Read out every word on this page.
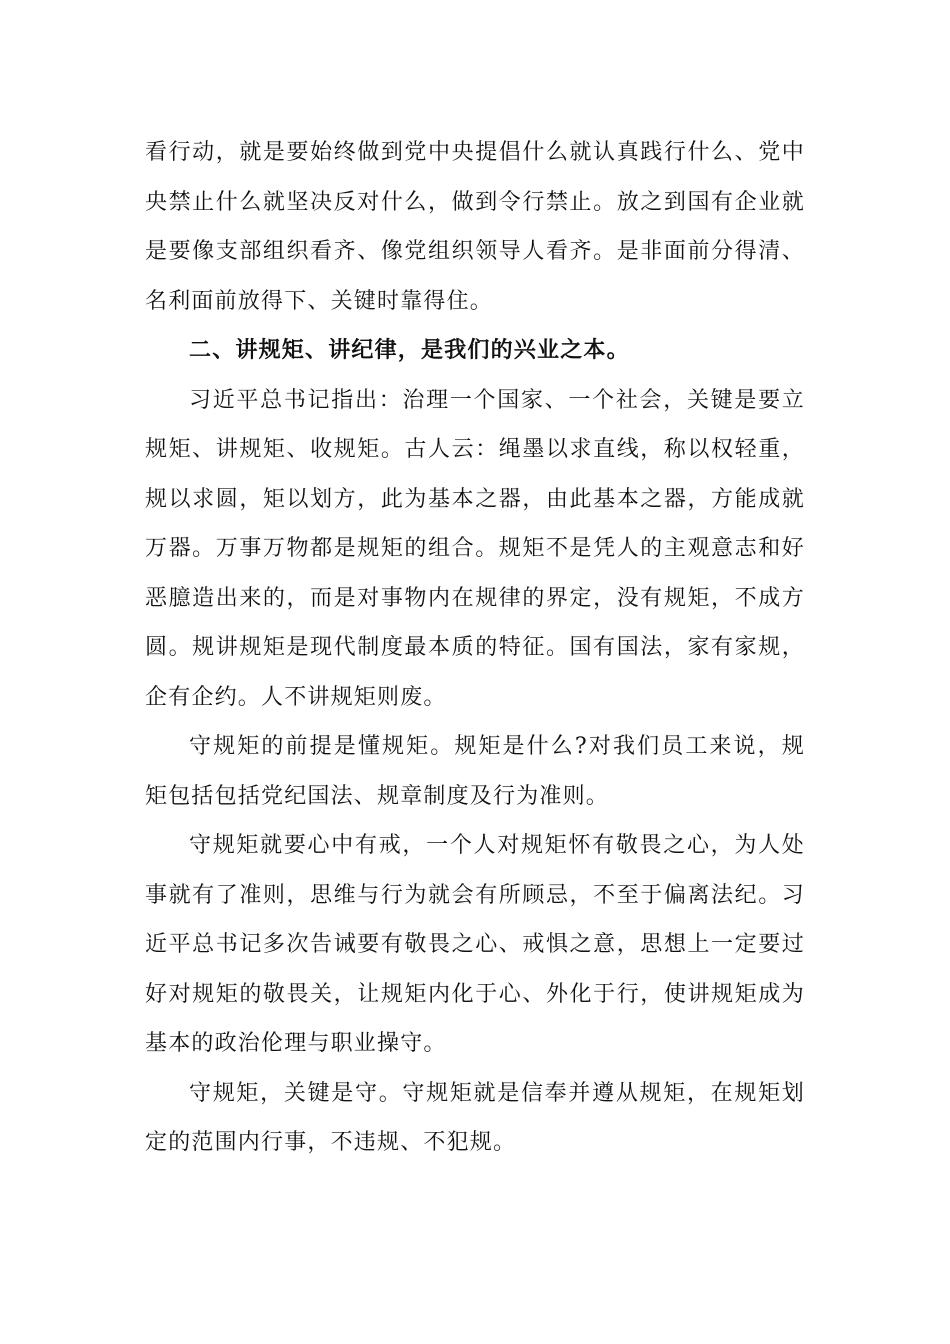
看行动，就是要始终做到党中央提倡什么就认真践行什么、党中央禁止什么就坚决反对什么，做到令行禁止。放之到国有企业就是要像支部组织看齐、像党组织领导人看齐。是非面前分得清、名利面前放得下、关键时靠得住。

二、讲规矩、讲纪律，是我们的兴业之本。

习近平总书记指出：治理一个国家、一个社会，关键是要立规矩、讲规矩、收规矩。古人云：绳墨以求直线，称以权轻重，规以求圆，矩以划方，此为基本之器，由此基本之器，方能成就万器。万事万物都是规矩的组合。规矩不是凭人的主观意志和好恶臆造出来的，而是对事物内在规律的界定，没有规矩，不成方圆。规讲规矩是现代制度最本质的特征。国有国法，家有家规，企有企约。人不讲规矩则废。

守规矩的前提是懂规矩。规矩是什么?对我们员工来说，规矩包括包括党纪国法、规章制度及行为准则。

守规矩就要心中有戒，一个人对规矩怀有敬畏之心，为人处事就有了准则，思维与行为就会有所顾忌，不至于偏离法纪。习近平总书记多次告诫要有敬畏之心、戒惧之意，思想上一定要过好对规矩的敬畏关，让规矩内化于心、外化于行，使讲规矩成为基本的政治伦理与职业操守。

守规矩，关键是守。守规矩就是信奉并遵从规矩，在规矩划定的范围内行事，不违规、不犯规。
